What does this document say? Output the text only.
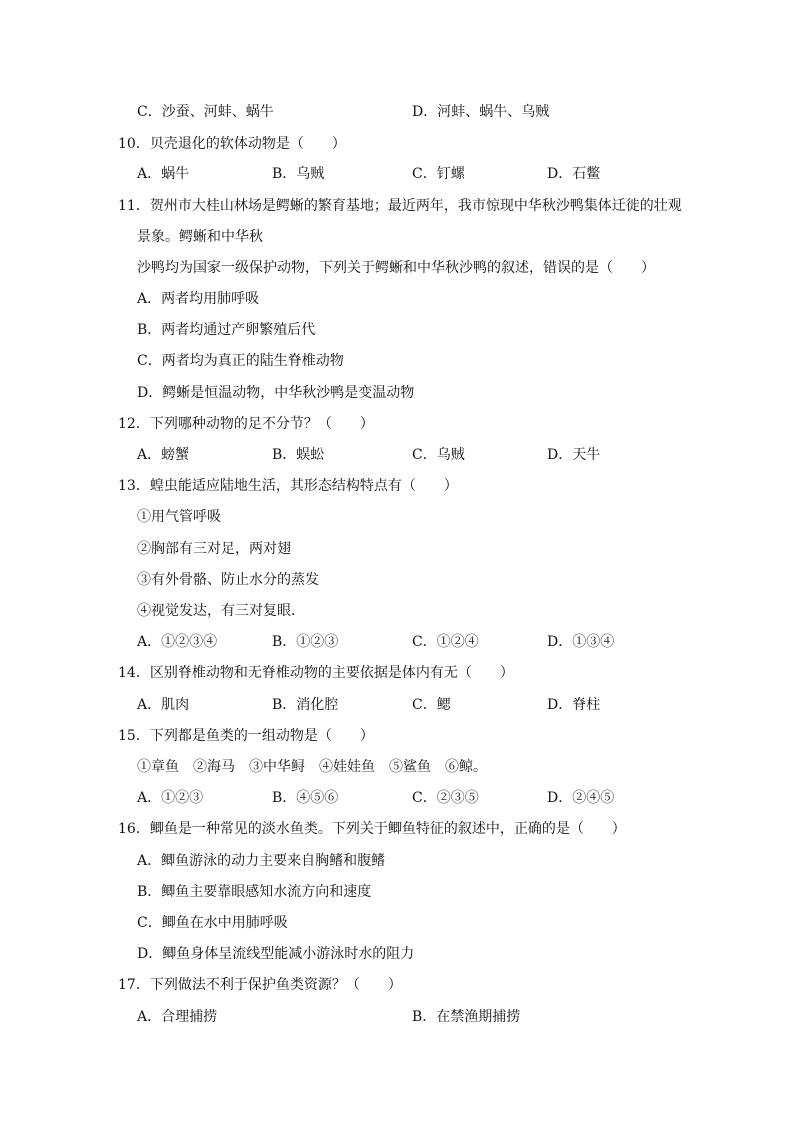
C．沙蚕、河蚌、蜗牛	D．河蚌、蜗牛、乌贼
10．贝壳退化的软体动物是（　　）
A．蜗牛	B．乌贼	C．钉螺	D．石鳖
11．贺州市大桂山林场是鳄蜥的繁育基地；最近两年，我市惊现中华秋沙鸭集体迁徙的壮观
景象。鳄蜥和中华秋
沙鸭均为国家一级保护动物，下列关于鳄蜥和中华秋沙鸭的叙述，错误的是（　　）
A．两者均用肺呼吸
B．两者均通过产卵繁殖后代
C．两者均为真正的陆生脊椎动物
D．鳄蜥是恒温动物，中华秋沙鸭是变温动物
12．下列哪种动物的足不分节？（　　）
A．螃蟹	B．蜈蚣	C．乌贼	D．天牛
13．蝗虫能适应陆地生活，其形态结构特点有（　　）
①用气管呼吸
②胸部有三对足，两对翅
③有外骨骼、防止水分的蒸发
④视觉发达，有三对复眼．
A．①②③④	B．①②③	C．①②④	D．①③④
14．区别脊椎动物和无脊椎动物的主要依据是体内有无（　　）
A．肌肉	B．消化腔	C．鳃	D．脊柱
15．下列都是鱼类的一组动物是（　　）
①章鱼　②海马　③中华鲟　④娃娃鱼　⑤鲨鱼　⑥鲸。
A．①②③	B．④⑤⑥	C．②③⑤	D．②④⑤
16．鲫鱼是一种常见的淡水鱼类。下列关于鲫鱼特征的叙述中，正确的是（　　）
A．鲫鱼游泳的动力主要来自胸鳍和腹鳍
B．鲫鱼主要靠眼感知水流方向和速度
C．鲫鱼在水中用肺呼吸
D．鲫鱼身体呈流线型能减小游泳时水的阻力
17．下列做法不利于保护鱼类资源？（　　）
A．合理捕捞	B．在禁渔期捕捞
